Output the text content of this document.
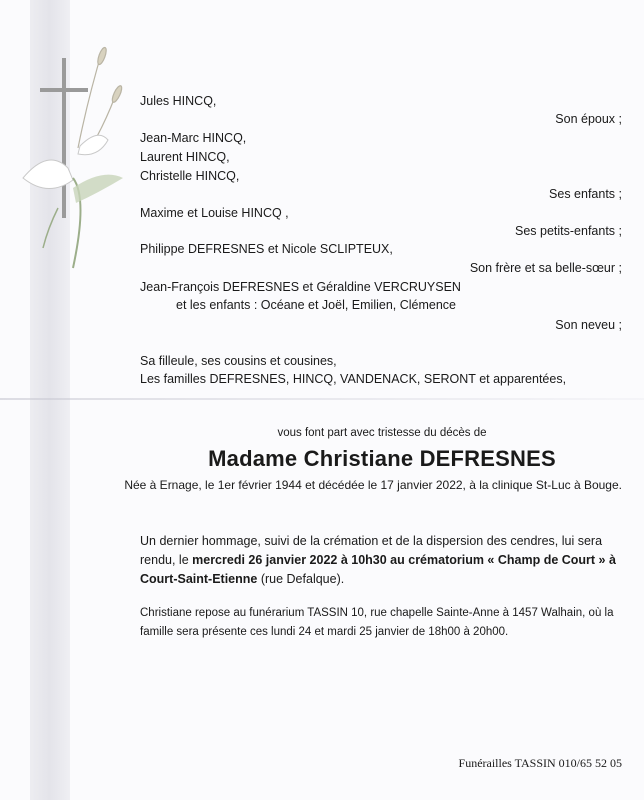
Jules HINCQ,
Son époux ;
Jean-Marc HINCQ,
Laurent HINCQ,
Christelle HINCQ,
Ses enfants ;
Maxime et Louise HINCQ ,
Ses petits-enfants ;
Philippe DEFRESNES et Nicole SCLIPTEUX,
Son frère et sa belle-sœur ;
Jean-François DEFRESNES et Géraldine VERCRUYSEN
et les enfants : Océane et Joël, Emilien, Clémence
Son neveu ;
Sa filleule, ses cousins et cousines,
Les familles DEFRESNES, HINCQ, VANDENACK, SERONT et apparentées,
vous font part avec tristesse du décès de
Madame Christiane DEFRESNES
Née à Ernage, le 1er février 1944 et décédée le 17 janvier 2022, à la clinique St-Luc à Bouge.
Un dernier hommage, suivi de la crémation et de la dispersion des cendres, lui sera rendu, le mercredi 26 janvier 2022 à 10h30 au crématorium « Champ de Court » à Court-Saint-Etienne (rue Defalque).
Christiane repose au funérarium TASSIN 10, rue chapelle Sainte-Anne à 1457 Walhain, où la famille sera présente ces lundi 24 et mardi 25 janvier de 18h00 à 20h00.
Funérailles TASSIN 010/65 52 05
